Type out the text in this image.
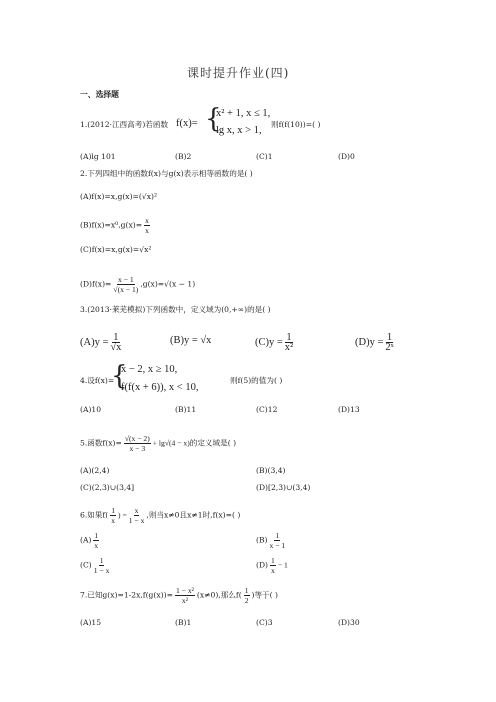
课时提升作业(四)
一、选择题
1.(2012·江西高考)若函数 f(x)= {
x² + 1, x ≤ 1,
lg x, x > 1,
则f(f(10))=( )
(A)lg 101	(B)2	(C)1	(D)0
2.下列四组中的函数f(x)与g(x)表示相等函数的是( )
(A)f(x)=x,g(x)=(√x)²
$(B)f(x)=x^0,g(x)= \frac{x}{x}$
(C)f(x)=x,g(x)=√x²
$(D)f(x)= \frac{x - 1}{√(x - 1)} ,g(x)=√(x - 1)$
3.(2013·莱芜模拟)下列函数中，定义域为(0,+∞)的是( )
$(A)y = \frac{1}{√x}$	(B)y = √x	$(C)y = \frac{1}{\text{x²}}$	$(D)y = \frac{1}{\text{2ˣ}}$
4.设f(x)=
{
x − 2, x ≥ 10,
f(f(x + 6)), x < 10,
则f(5)的值为( )
(A)10	(B)11	(C)12	(D)13
5.函数$f(x)= \frac{√(x - 2)}{x - 3} + \lg√(4 - x)$的定义域是( )
(A)(2,4)	(B)(3,4)
(C)(2,3)∪(3,4]	(D)[2,3)∪(3,4)
6.如果$f( \frac{1}{x}$ ) = $\frac{x}{1 - x}$ ,则当x≠0且x≠1时,f(x)=( )
$(A) \frac{1}{x}$	$(B) \frac{1}{x - 1}$
$(C) \frac{1}{1 - x}$	$(D) \frac{1}{x} - 1$
7.已知$g(x)=1-2x,f(g(x))= \frac{\text{1 − x²}}{\text{x²}} (x\ne 0)$,那么$f( \frac{1}{2}$ )等于( )
(A)15	(B)1	(C)3	(D)30
